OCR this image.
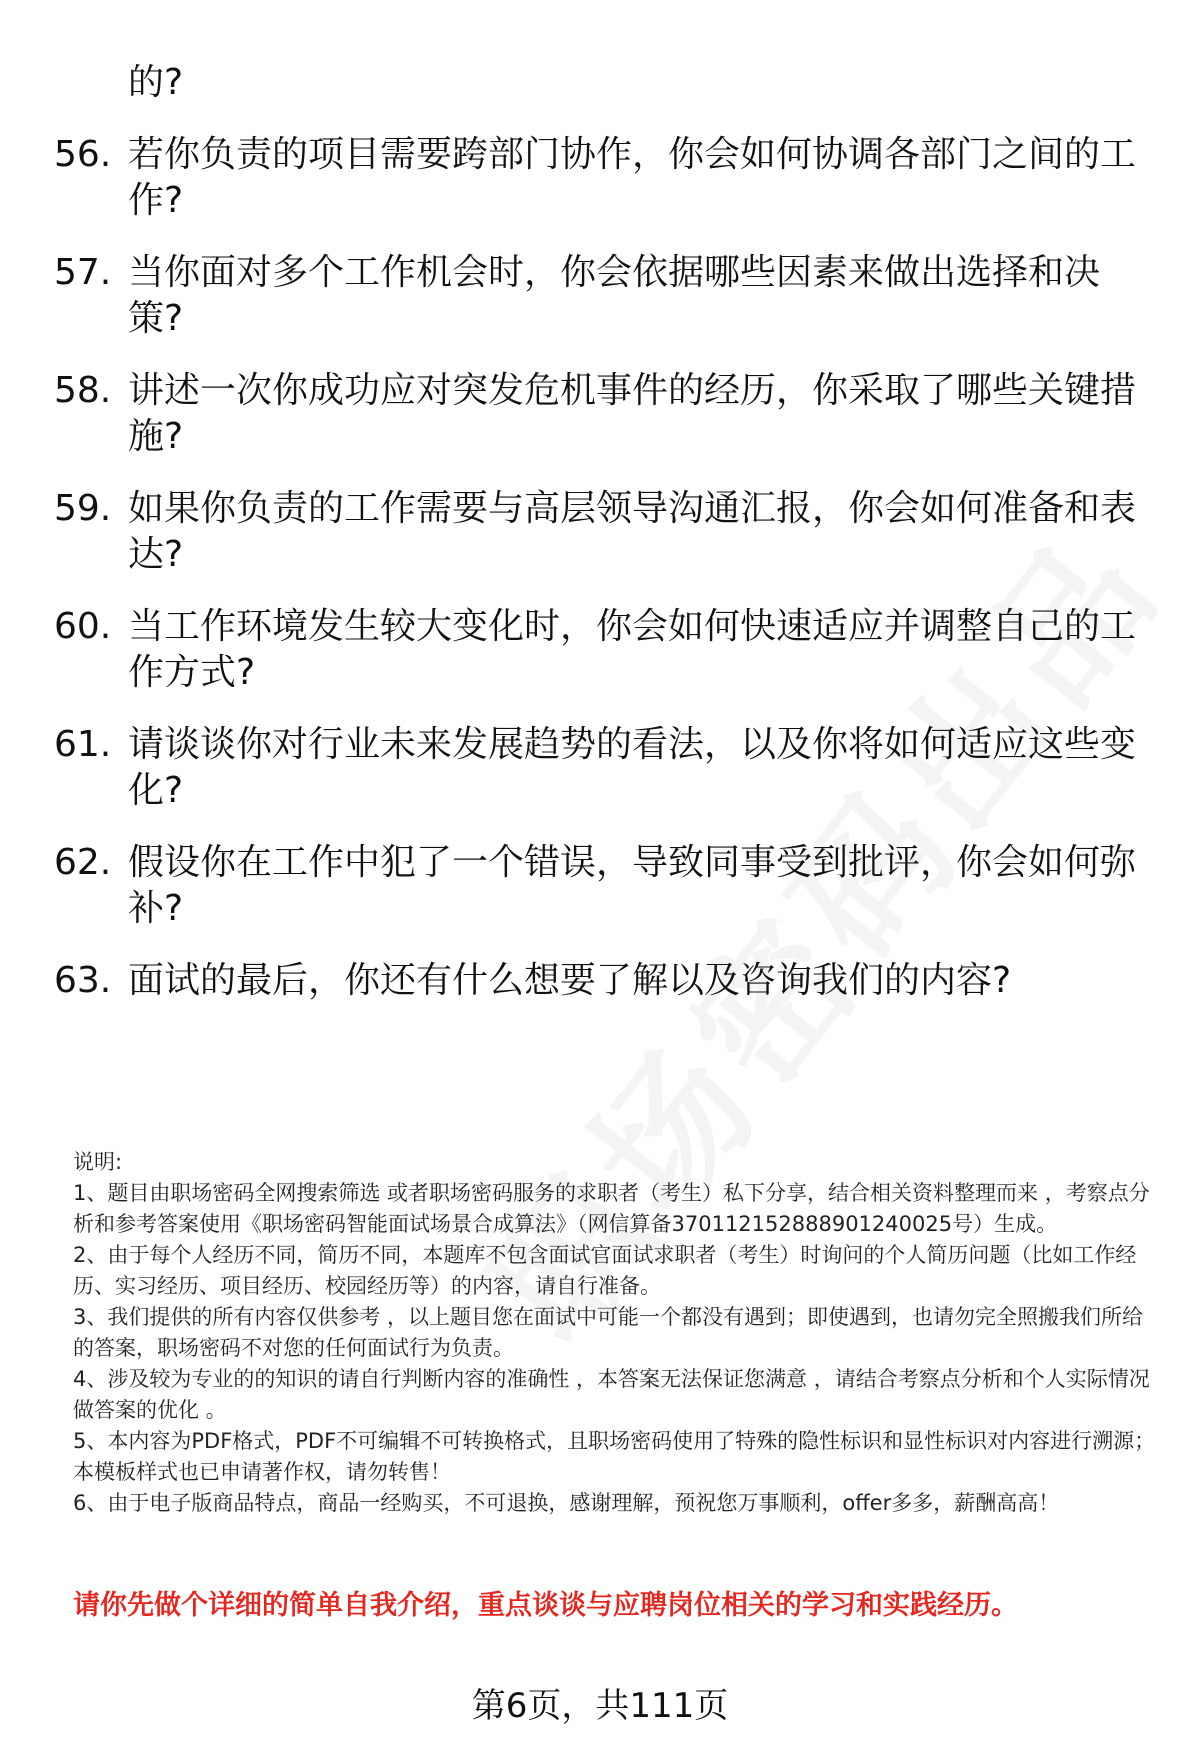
的?
56. 若你负责的项目需要跨部门协作，你会如何协调各部门之间的工作?
57. 当你面对多个工作机会时，你会依据哪些因素来做出选择和决策?
58. 讲述一次你成功应对突发危机事件的经历，你采取了哪些关键措施?
59. 如果你负责的工作需要与高层领导沟通汇报，你会如何准备和表达?
60. 当工作环境发生较大变化时，你会如何快速适应并调整自己的工作方式?
61. 请谈谈你对行业未来发展趋势的看法，以及你将如何适应这些变化?
62. 假设你在工作中犯了一个错误，导致同事受到批评，你会如何弥补?
63. 面试的最后，你还有什么想要了解以及咨询我们的内容?

说明:

1、题目由职场密码全网搜索筛选 或者职场密码服务的求职者（考生）私下分享，结合相关资料整理而来 ，考察点分析和参考答案使用《职场密码智能面试场景合成算法》（网信算备370112152888901240025号）生成。

2、由于每个人经历不同，简历不同，本题库不包含面试官面试求职者（考生）时询问的个人简历问题（比如工作经历、实习经历、项目经历、校园经历等）的内容，请自行准备。

3、我们提供的所有内容仅供参考 ，以上题目您在面试中可能一个都没有遇到；即使遇到，也请勿完全照搬我们所给的答案，职场密码不对您的任何面试行为负责。

4、涉及较为专业的的知识的请自行判断内容的准确性 ，本答案无法保证您满意 ，请结合考察点分析和个人实际情况做答案的优化 。

5、本内容为PDF格式，PDF不可编辑不可转换格式，且职场密码使用了特殊的隐性标识和显性标识对内容进行溯源；本模板样式也已申请著作权，请勿转售！

6、由于电子版商品特点，商品一经购买，不可退换，感谢理解，预祝您万事顺利，offer多多，薪酬高高！

请你先做个详细的简单自我介绍，重点谈谈与应聘岗位相关的学习和实践经历。
第6页，共111页
